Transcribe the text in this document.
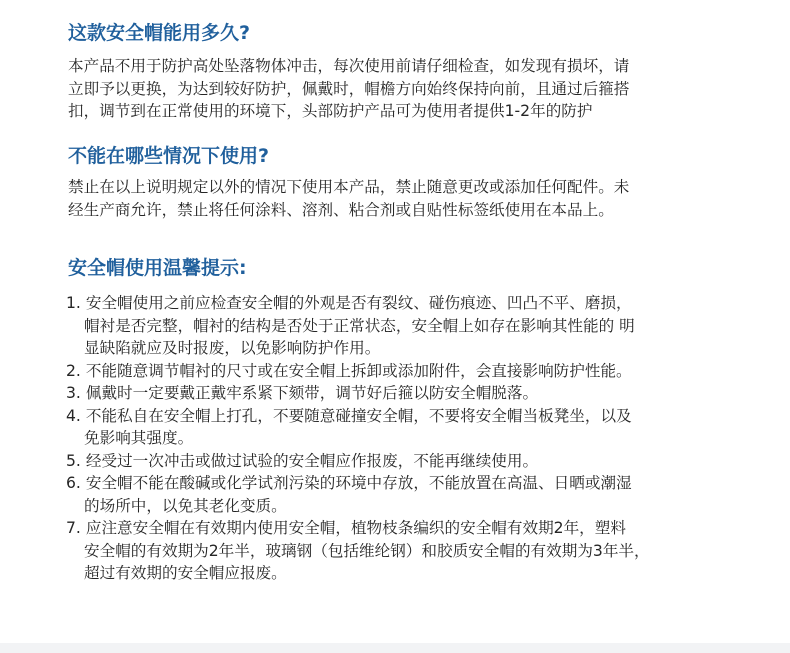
这款安全帽能用多久?

本产品不用于防护高处坠落物体冲击，每次使用前请仔细检查，如发现有损坏，请
立即予以更换，为达到较好防护，佩戴时，帽檐方向始终保持向前，且通过后箍搭
扣，调节到在正常使用的环境下，头部防护产品可为使用者提供1-2年的防护

不能在哪些情况下使用?

禁止在以上说明规定以外的情况下使用本产品，禁止随意更改或添加任何配件。未
经生产商允许，禁止将任何涂料、溶剂、粘合剂或自贴性标签纸使用在本品上。

安全帽使用温馨提示:
1. 安全帽使用之前应检查安全帽的外观是否有裂纹、碰伤痕迹、凹凸不平、磨损，
帽衬是否完整，帽衬的结构是否处于正常状态，安全帽上如存在影响其性能的 明
显缺陷就应及时报废，以免影响防护作用。
2. 不能随意调节帽衬的尺寸或在安全帽上拆卸或添加附件，会直接影响防护性能。
3. 佩戴时一定要戴正戴牢系紧下颏带，调节好后箍以防安全帽脱落。
4. 不能私自在安全帽上打孔，不要随意碰撞安全帽，不要将安全帽当板凳坐，以及
免影响其强度。
5. 经受过一次冲击或做过试验的安全帽应作报废，不能再继续使用。
6. 安全帽不能在酸碱或化学试剂污染的环境中存放，不能放置在高温、日晒或潮湿
的场所中，以免其老化变质。
7. 应注意安全帽在有效期内使用安全帽，植物枝条编织的安全帽有效期2年，塑料
安全帽的有效期为2年半，玻璃钢（包括维纶钢）和胶质安全帽的有效期为3年半，
超过有效期的安全帽应报废。
